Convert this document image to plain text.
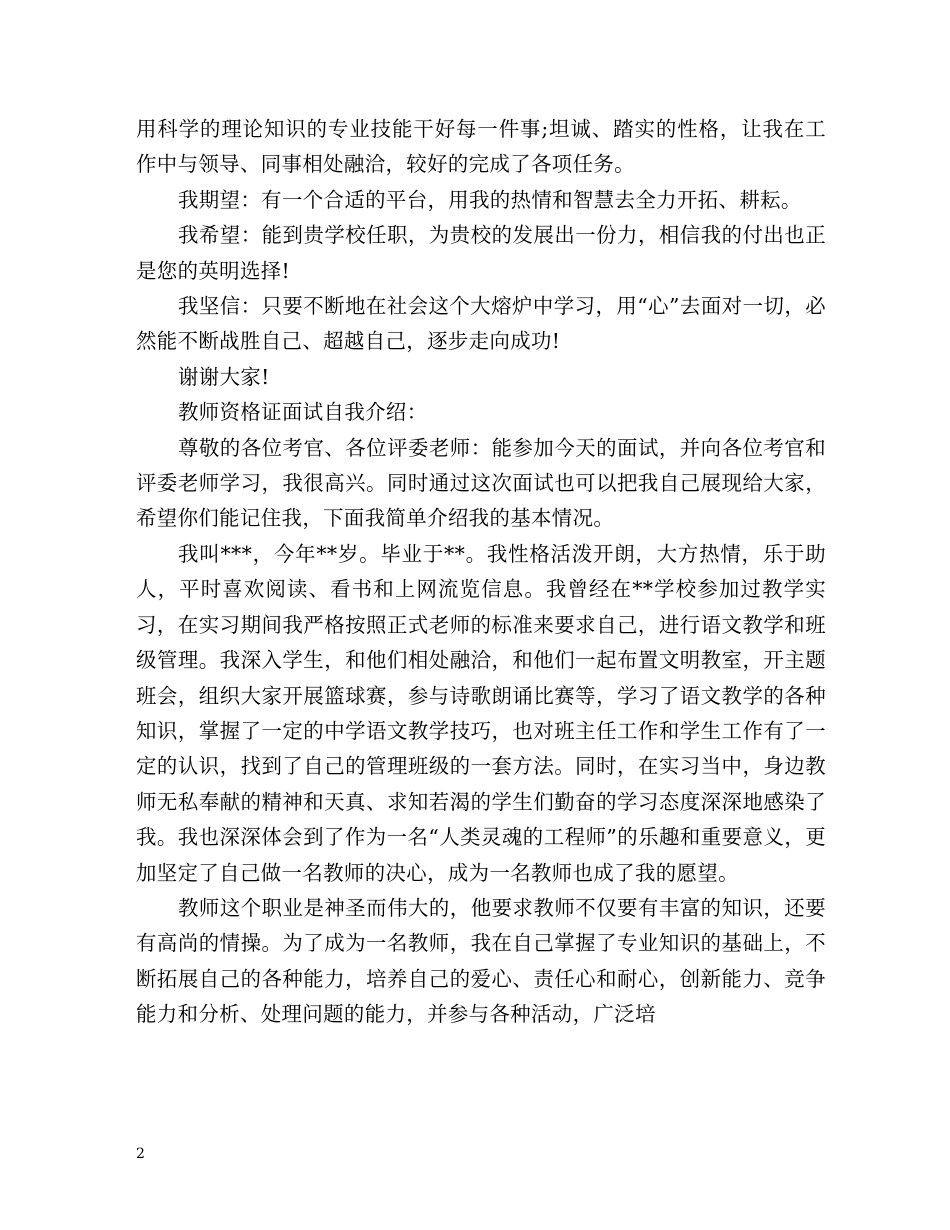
用科学的理论知识的专业技能干好每一件事;坦诚、踏实的性格，让我在工作中与领导、同事相处融洽，较好的完成了各项任务。

我期望：有一个合适的平台，用我的热情和智慧去全力开拓、耕耘。

我希望：能到贵学校任职，为贵校的发展出一份力，相信我的付出也正是您的英明选择!

我坚信：只要不断地在社会这个大熔炉中学习，用“心”去面对一切，必然能不断战胜自己、超越自己，逐步走向成功!

谢谢大家!

教师资格证面试自我介绍：

尊敬的各位考官、各位评委老师：能参加今天的面试，并向各位考官和评委老师学习，我很高兴。同时通过这次面试也可以把我自己展现给大家，希望你们能记住我，下面我简单介绍我的基本情况。

我叫***，今年**岁。毕业于**。我性格活泼开朗，大方热情，乐于助人，平时喜欢阅读、看书和上网流览信息。我曾经在**学校参加过教学实习，在实习期间我严格按照正式老师的标准来要求自己，进行语文教学和班级管理。我深入学生，和他们相处融洽，和他们一起布置文明教室，开主题班会，组织大家开展篮球赛，参与诗歌朗诵比赛等，学习了语文教学的各种知识，掌握了一定的中学语文教学技巧，也对班主任工作和学生工作有了一定的认识，找到了自己的管理班级的一套方法。同时，在实习当中，身边教师无私奉献的精神和天真、求知若渴的学生们勤奋的学习态度深深地感染了我。我也深深体会到了作为一名“人类灵魂的工程师”的乐趣和重要意义，更加坚定了自己做一名教师的决心，成为一名教师也成了我的愿望。

教师这个职业是神圣而伟大的，他要求教师不仅要有丰富的知识，还要有高尚的情操。为了成为一名教师，我在自己掌握了专业知识的基础上，不断拓展自己的各种能力，培养自己的爱心、责任心和耐心，创新能力、竞争能力和分析、处理问题的能力，并参与各种活动，广泛培

2
